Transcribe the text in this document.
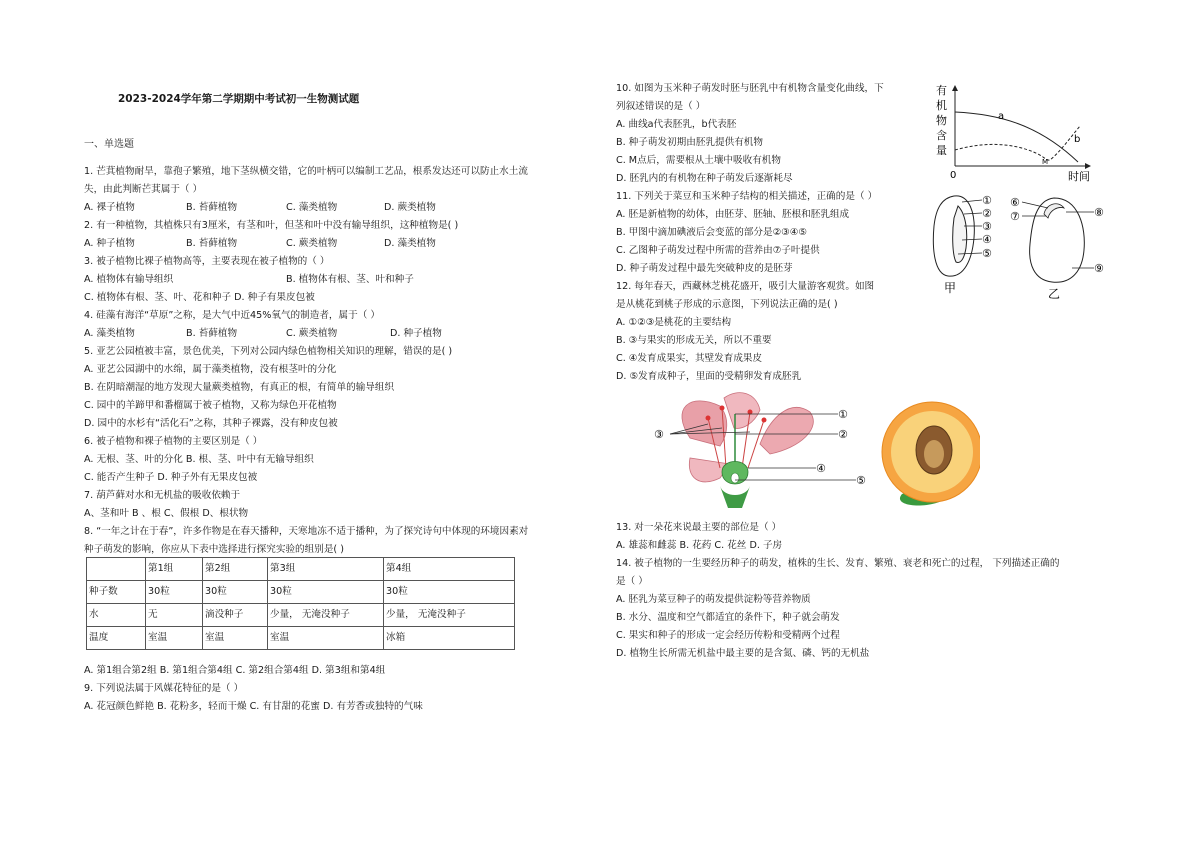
2023-2024学年第二学期期中考试初一生物测试题
一、单选题
1. 芒萁植物耐旱，靠孢子繁殖，地下茎纵横交错，它的叶柄可以编制工艺品，根系发达还可以防止水土流
失，由此判断芒萁属于（ ）
A. 裸子植物	B. 苔藓植物	C. 藻类植物	D. 蕨类植物
2. 有一种植物，其植株只有3厘米，有茎和叶，但茎和叶中没有输导组织，这种植物是( )
A. 种子植物	B. 苔藓植物	C. 蕨类植物	D. 藻类植物
3. 被子植物比裸子植物高等，主要表现在被子植物的（ ）
A. 植物体有输导组织	B. 植物体有根、茎、叶和种子
C. 植物体有根、茎、叶、花和种子 D. 种子有果皮包被
4. 硅藻有海洋“草原”之称，是大气中近45%氧气的制造者，属于（ ）
A. 藻类植物	B. 苔藓植物	C. 蕨类植物	D. 种子植物
5. 亚艺公园植被丰富，景色优美，下列对公园内绿色植物相关知识的理解，错误的是( )
A. 亚艺公园湖中的水绵，属于藻类植物，没有根茎叶的分化
B. 在阴暗潮湿的地方发现大量蕨类植物，有真正的根，有简单的输导组织
C. 园中的羊蹄甲和番榴属于被子植物，又称为绿色开花植物
D. 园中的水杉有“活化石”之称，其种子裸露，没有种皮包被
6. 被子植物和裸子植物的主要区别是（ ）
A. 无根、茎、叶的分化 B. 根、茎、叶中有无输导组织
C. 能否产生种子 D. 种子外有无果皮包被
7. 葫芦藓对水和无机盐的吸收依赖于
A、茎和叶 B 、根 C、假根 D、根状物
8. “一年之计在于春”，许多作物是在春天播种，天寒地冻不适于播种，为了探究诗句中体现的环境因素对
种子萌发的影响，你应从下表中选择进行探究实验的组别是( )
	第1组	第2组	第3组	第4组
种子数	30粒	30粒	30粒	30粒
水	无	滴没种子	少量， 无淹没种子	少量， 无淹没种子
温度	室温	室温	室温	冰箱
A. 第1组合第2组 B. 第1组合第4组 C. 第2组合第4组 D. 第3组和第4组
9. 下列说法属于风媒花特征的是（ ）
A. 花冠颜色鲜艳 B. 花粉多，轻而干燥 C. 有甘甜的花蜜 D. 有芳香或独特的气味
10. 如图为玉米种子萌发时胚与胚乳中有机物含量变化曲线，下
列叙述错误的是（ ）
A. 曲线a代表胚乳，b代表胚
B. 种子萌发初期由胚乳提供有机物
C. M点后，需要根从土壤中吸收有机物
D. 胚乳内的有机物在种子萌发后逐渐耗尽
11. 下列关于菜豆和玉米种子结构的相关描述，正确的是（ ）
A. 胚是新植物的幼体，由胚芽、胚轴、胚根和胚乳组成
B. 甲图中滴加碘液后会变蓝的部分是②③④⑤
C. 乙图种子萌发过程中所需的营养由⑦子叶提供
D. 种子萌发过程中最先突破种皮的是胚芽
12. 每年春天，西藏林芝桃花盛开，吸引大量游客观赏。如图
是从桃花到桃子形成的示意图，下列说法正确的是( )
A. ①②③是桃花的主要结构
B. ③与果实的形成无关，所以不重要
C. ④发育成果实，其壁发育成果皮
D. ⑤发育成种子，里面的受精卵发育成胚乳
13. 对一朵花来说最主要的部位是（ ）
A. 雄蕊和雌蕊 B. 花药 C. 花丝 D. 子房
14. 被子植物的一生要经历种子的萌发，植株的生长、发育、繁殖、衰老和死亡的过程， 下列描述正确的
是（ ）
A. 胚乳为菜豆种子的萌发提供淀粉等营养物质
B. 水分、温度和空气都适宜的条件下，种子就会萌发
C. 果实和种子的形成一定会经历传粉和受精两个过程
D. 植物生长所需无机盐中最主要的是含氮、磷、钙的无机盐
有
机
物
含
量
a
b
M
0	时间
①
②
③
④
⑤
甲
⑥
⑦	⑧
⑨
乙
①
②
③
④
⑤
